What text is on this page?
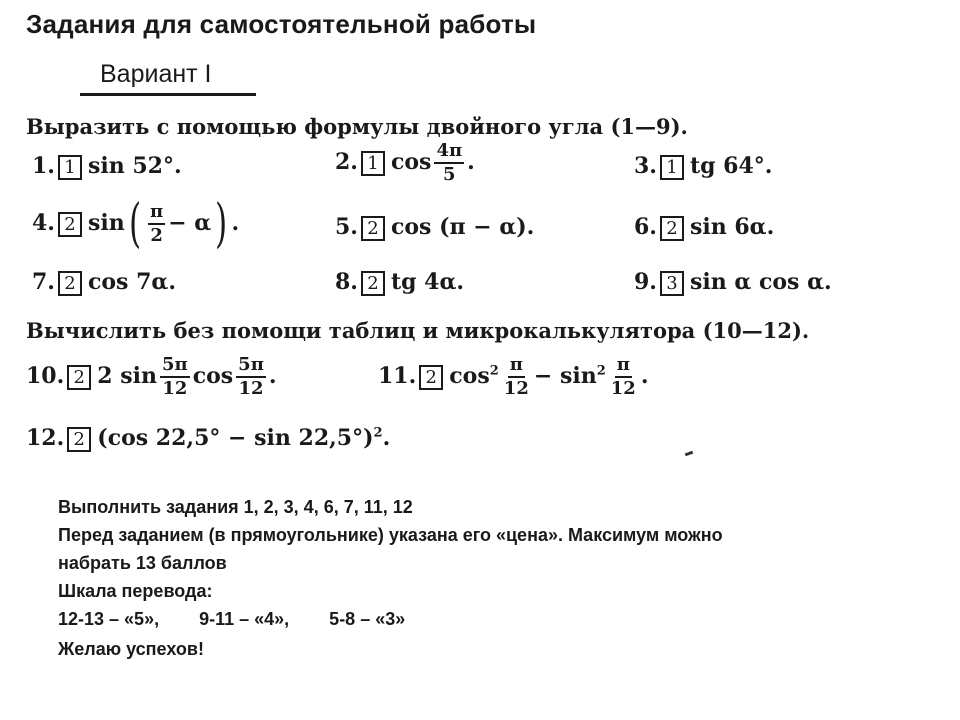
Задания для самостоятельной работы
Вариант I
Выразить с помощью формулы двойного угла (1—9).
1. 1 sin 52°.	2. 1 $\cos \frac{4\pi}{5}$ .	3. 1 tg 64°.
4. 2 $\sin( \frac{\pi}{2} - \alpha)$ .	5. 2 cos (π − α).	6. 2 sin 6α.
7. 2 cos 7α.	8. 2 tg 4α.	9. 3 sin α cos α.
Вычислить без помощи таблиц и микрокалькулятора (10—12).
10. 2 2 $\sin \frac{5\pi}{12}$ $\cos \frac{5\pi}{12}$ .	11. 2 $\cos^2 \frac{\pi}{12} - \sin^2 \frac{\pi}{12}$ .
12. 2 (cos 22,5° − sin 22,5°)$^2$.
Выполнить задания 1, 2, 3, 4, 6, 7, 11, 12
Перед заданием (в прямоугольнике) указана его «цена». Максимум можно
набрать 13 баллов
Шкала перевода:
12-13 – «5»,        9-11 – «4»,        5-8 – «3»
Желаю успехов!
